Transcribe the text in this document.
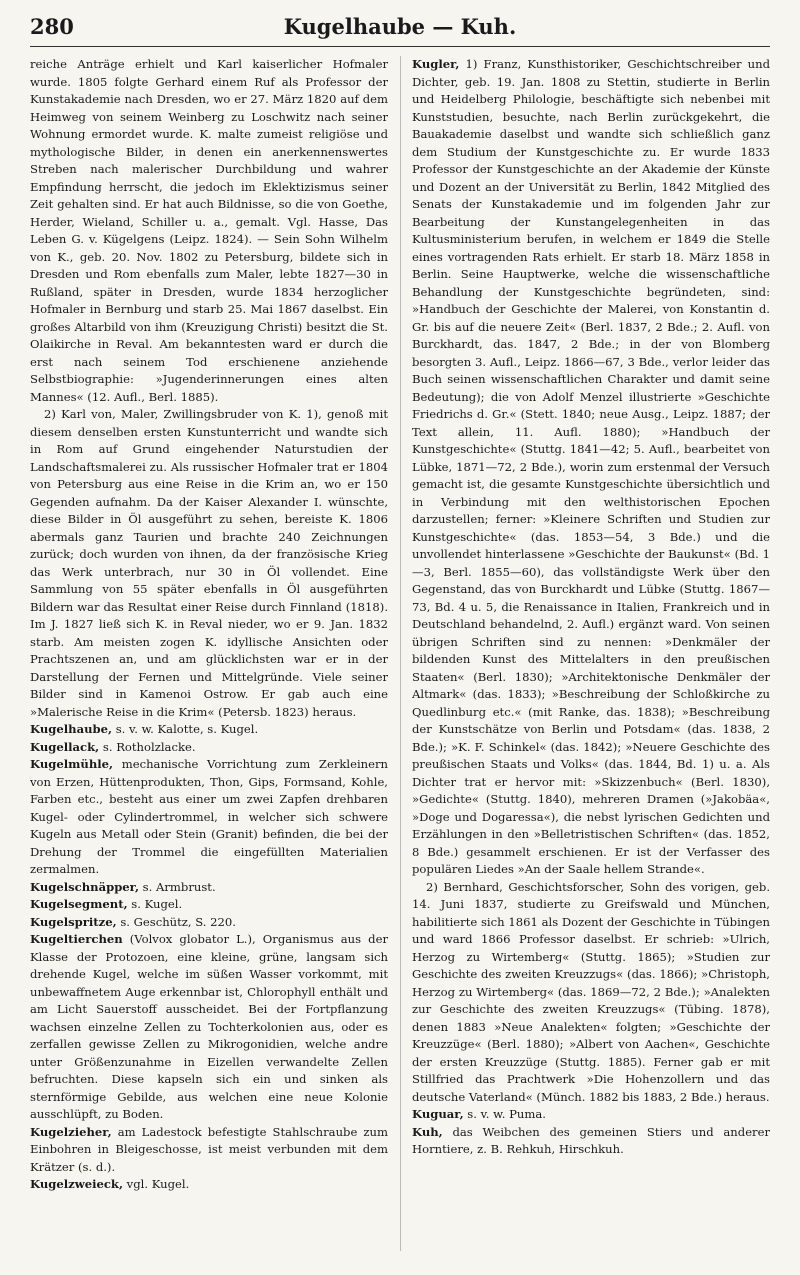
280	Kugelhaube — Kuh.

reiche Anträge erhielt und Karl kaiserlicher Hofmaler wurde. 1805 folgte Gerhard einem Ruf als Professor der Kunstakademie nach Dresden, wo er 27. März 1820 auf dem Heimweg von seinem Weinberg zu Loschwitz nach seiner Wohnung ermordet wurde. K. malte zumeist religiöse und mythologische Bilder, in denen ein anerkennenswertes Streben nach malerischer Durchbildung und wahrer Empfindung herrscht, die jedoch im Eklektizismus seiner Zeit gehalten sind. Er hat auch Bildnisse, so die von Goethe, Herder, Wieland, Schiller u. a., gemalt. Vgl. Hasse, Das Leben G. v. Kügelgens (Leipz. 1824). — Sein Sohn Wilhelm von K., geb. 20. Nov. 1802 zu Petersburg, bildete sich in Dresden und Rom ebenfalls zum Maler, lebte 1827—30 in Rußland, später in Dresden, wurde 1834 herzoglicher Hofmaler in Bernburg und starb 25. Mai 1867 daselbst. Ein großes Altarbild von ihm (Kreuzigung Christi) besitzt die St. Olaikirche in Reval. Am bekanntesten ward er durch die erst nach seinem Tod erschienene anziehende Selbstbiographie: »Jugenderinnerungen eines alten Mannes« (12. Aufl., Berl. 1885).

2) Karl von, Maler, Zwillingsbruder von K. 1), genoß mit diesem denselben ersten Kunstunterricht und wandte sich in Rom auf Grund eingehender Naturstudien der Landschaftsmalerei zu. Als russischer Hofmaler trat er 1804 von Petersburg aus eine Reise in die Krim an, wo er 150 Gegenden aufnahm. Da der Kaiser Alexander I. wünschte, diese Bilder in Öl ausgeführt zu sehen, bereiste K. 1806 abermals ganz Taurien und brachte 240 Zeichnungen zurück; doch wurden von ihnen, da der französische Krieg das Werk unterbrach, nur 30 in Öl vollendet. Eine Sammlung von 55 später ebenfalls in Öl ausgeführten Bildern war das Resultat einer Reise durch Finnland (1818). Im J. 1827 ließ sich K. in Reval nieder, wo er 9. Jan. 1832 starb. Am meisten zogen K. idyllische Ansichten oder Prachtszenen an, und am glücklichsten war er in der Darstellung der Fernen und Mittelgründe. Viele seiner Bilder sind in Kamenoi Ostrow. Er gab auch eine »Malerische Reise in die Krim« (Petersb. 1823) heraus.

Kugelhaube, s. v. w. Kalotte, s. Kugel.

Kugellack, s. Rotholzlacke.

Kugelmühle, mechanische Vorrichtung zum Zerkleinern von Erzen, Hüttenprodukten, Thon, Gips, Formsand, Kohle, Farben etc., besteht aus einer um zwei Zapfen drehbaren Kugel- oder Cylindertrommel, in welcher sich schwere Kugeln aus Metall oder Stein (Granit) befinden, die bei der Drehung der Trommel die eingefüllten Materialien zermalmen.

Kugelschnäpper, s. Armbrust.

Kugelsegment, s. Kugel.

Kugelspritze, s. Geschütz, S. 220.

Kugeltierchen (Volvox globator L.), Organismus aus der Klasse der Protozoen, eine kleine, grüne, langsam sich drehende Kugel, welche im süßen Wasser vorkommt, mit unbewaffnetem Auge erkennbar ist, Chlorophyll enthält und am Licht Sauerstoff ausscheidet. Bei der Fortpflanzung wachsen einzelne Zellen zu Tochterkolonien aus, oder es zerfallen gewisse Zellen zu Mikrogonidien, welche andre unter Größenzunahme in Eizellen verwandelte Zellen befruchten. Diese kapseln sich ein und sinken als sternförmige Gebilde, aus welchen eine neue Kolonie ausschlüpft, zu Boden.

Kugelzieher, am Ladestock befestigte Stahlschraube zum Einbohren in Bleigeschosse, ist meist verbunden mit dem Krätzer (s. d.).

Kugelzweieck, vgl. Kugel.

Kugler, 1) Franz, Kunsthistoriker, Geschichtschreiber und Dichter, geb. 19. Jan. 1808 zu Stettin, studierte in Berlin und Heidelberg Philologie, beschäftigte sich nebenbei mit Kunststudien, besuchte, nach Berlin zurückgekehrt, die Bauakademie daselbst und wandte sich schließlich ganz dem Studium der Kunstgeschichte zu. Er wurde 1833 Professor der Kunstgeschichte an der Akademie der Künste und Dozent an der Universität zu Berlin, 1842 Mitglied des Senats der Kunstakademie und im folgenden Jahr zur Bearbeitung der Kunstangelegenheiten in das Kultusministerium berufen, in welchem er 1849 die Stelle eines vortragenden Rats erhielt. Er starb 18. März 1858 in Berlin. Seine Hauptwerke, welche die wissenschaftliche Behandlung der Kunstgeschichte begründeten, sind: »Handbuch der Geschichte der Malerei, von Konstantin d. Gr. bis auf die neuere Zeit« (Berl. 1837, 2 Bde.; 2. Aufl. von Burckhardt, das. 1847, 2 Bde.; in der von Blomberg besorgten 3. Aufl., Leipz. 1866—67, 3 Bde., verlor leider das Buch seinen wissenschaftlichen Charakter und damit seine Bedeutung); die von Adolf Menzel illustrierte »Geschichte Friedrichs d. Gr.« (Stett. 1840; neue Ausg., Leipz. 1887; der Text allein, 11. Aufl. 1880); »Handbuch der Kunstgeschichte« (Stuttg. 1841—42; 5. Aufl., bearbeitet von Lübke, 1871—72, 2 Bde.), worin zum erstenmal der Versuch gemacht ist, die gesamte Kunstgeschichte übersichtlich und in Verbindung mit den welthistorischen Epochen darzustellen; ferner: »Kleinere Schriften und Studien zur Kunstgeschichte« (das. 1853—54, 3 Bde.) und die unvollendet hinterlassene »Geschichte der Baukunst« (Bd. 1—3, Berl. 1855—60), das vollständigste Werk über den Gegenstand, das von Burckhardt und Lübke (Stuttg. 1867—73, Bd. 4 u. 5, die Renaissance in Italien, Frankreich und in Deutschland behandelnd, 2. Aufl.) ergänzt ward. Von seinen übrigen Schriften sind zu nennen: »Denkmäler der bildenden Kunst des Mittelalters in den preußischen Staaten« (Berl. 1830); »Architektonische Denkmäler der Altmark« (das. 1833); »Beschreibung der Schloßkirche zu Quedlinburg etc.« (mit Ranke, das. 1838); »Beschreibung der Kunstschätze von Berlin und Potsdam« (das. 1838, 2 Bde.); »K. F. Schinkel« (das. 1842); »Neuere Geschichte des preußischen Staats und Volks« (das. 1844, Bd. 1) u. a. Als Dichter trat er hervor mit: »Skizzenbuch« (Berl. 1830), »Gedichte« (Stuttg. 1840), mehreren Dramen (»Jakobäa«, »Doge und Dogaressa«), die nebst lyrischen Gedichten und Erzählungen in den »Belletristischen Schriften« (das. 1852, 8 Bde.) gesammelt erschienen. Er ist der Verfasser des populären Liedes »An der Saale hellem Strande«.

2) Bernhard, Geschichtsforscher, Sohn des vorigen, geb. 14. Juni 1837, studierte zu Greifswald und München, habilitierte sich 1861 als Dozent der Geschichte in Tübingen und ward 1866 Professor daselbst. Er schrieb: »Ulrich, Herzog zu Wirtemberg« (Stuttg. 1865); »Studien zur Geschichte des zweiten Kreuzzugs« (das. 1866); »Christoph, Herzog zu Wirtemberg« (das. 1869—72, 2 Bde.); »Analekten zur Geschichte des zweiten Kreuzzugs« (Tübing. 1878), denen 1883 »Neue Analekten« folgten; »Geschichte der Kreuzzüge« (Berl. 1880); »Albert von Aachen«, Geschichte der ersten Kreuzzüge (Stuttg. 1885). Ferner gab er mit Stillfried das Prachtwerk »Die Hohenzollern und das deutsche Vaterland« (Münch. 1882 bis 1883, 2 Bde.) heraus.

Kuguar, s. v. w. Puma.

Kuh, das Weibchen des gemeinen Stiers und anderer Horntiere, z. B. Rehkuh, Hirschkuh.
